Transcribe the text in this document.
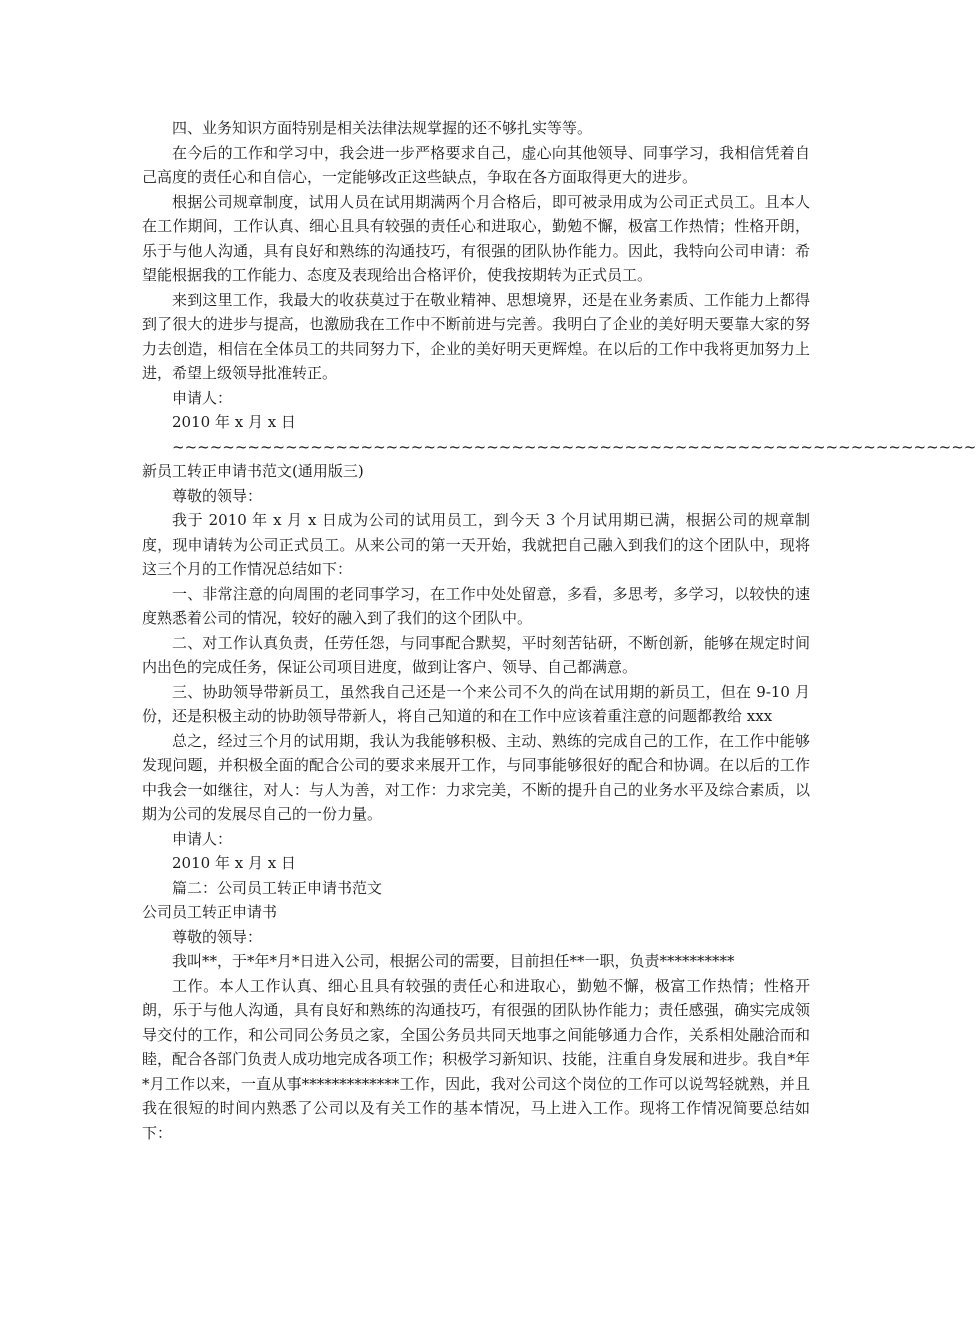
四、业务知识方面特别是相关法律法规掌握的还不够扎实等等。

在今后的工作和学习中，我会进一步严格要求自己，虚心向其他领导、同事学习，我相信凭着自己高度的责任心和自信心，一定能够改正这些缺点，争取在各方面取得更大的进步。

根据公司规章制度，试用人员在试用期满两个月合格后，即可被录用成为公司正式员工。且本人在工作期间，工作认真、细心且具有较强的责任心和进取心，勤勉不懈，极富工作热情；性格开朗，乐于与他人沟通，具有良好和熟练的沟通技巧，有很强的团队协作能力。因此，我特向公司申请：希望能根据我的工作能力、态度及表现给出合格评价，使我按期转为正式员工。

来到这里工作，我最大的收获莫过于在敬业精神、思想境界，还是在业务素质、工作能力上都得到了很大的进步与提高，也激励我在工作中不断前进与完善。我明白了企业的美好明天要靠大家的努力去创造，相信在全体员工的共同努力下，企业的美好明天更辉煌。在以后的工作中我将更加努力上进，希望上级领导批准转正。

申请人：

2010 年 x 月 x 日

~~~~~~~~~~~~~~~~~~~~~~~~~~~~~~~~~~~~~~~~~~~~~~~~~~~~~~~~~~~~~~~~

新员工转正申请书范文(通用版三)

尊敬的领导：

我于 2010 年 x 月 x 日成为公司的试用员工，到今天 3 个月试用期已满，根据公司的规章制度，现申请转为公司正式员工。从来公司的第一天开始，我就把自己融入到我们的这个团队中，现将这三个月的工作情况总结如下：

一、非常注意的向周围的老同事学习，在工作中处处留意，多看，多思考，多学习，以较快的速度熟悉着公司的情况，较好的融入到了我们的这个团队中。

二、对工作认真负责，任劳任怨，与同事配合默契，平时刻苦钻研，不断创新，能够在规定时间内出色的完成任务，保证公司项目进度，做到让客户、领导、自己都满意。

三、协助领导带新员工，虽然我自己还是一个来公司不久的尚在试用期的新员工，但在 9-10 月份，还是积极主动的协助领导带新人，将自己知道的和在工作中应该着重注意的问题都教给 xxx

总之，经过三个月的试用期，我认为我能够积极、主动、熟练的完成自己的工作，在工作中能够发现问题，并积极全面的配合公司的要求来展开工作，与同事能够很好的配合和协调。在以后的工作中我会一如继往，对人：与人为善，对工作：力求完美，不断的提升自己的业务水平及综合素质，以期为公司的发展尽自己的一份力量。

申请人：

2010 年 x 月 x 日

篇二：公司员工转正申请书范文

公司员工转正申请书

尊敬的领导：

我叫**，于*年*月*日进入公司，根据公司的需要，目前担任**一职，负责**********

工作。本人工作认真、细心且具有较强的责任心和进取心，勤勉不懈，极富工作热情；性格开朗，乐于与他人沟通，具有良好和熟练的沟通技巧，有很强的团队协作能力；责任感强，确实完成领导交付的工作，和公司同公务员之家，全国公务员共同天地事之间能够通力合作，关系相处融洽而和睦，配合各部门负责人成功地完成各项工作；积极学习新知识、技能，注重自身发展和进步。我自*年*月工作以来，一直从事*************工作，因此，我对公司这个岗位的工作可以说驾轻就熟，并且我在很短的时间内熟悉了公司以及有关工作的基本情况，马上进入工作。现将工作情况简要总结如下：
